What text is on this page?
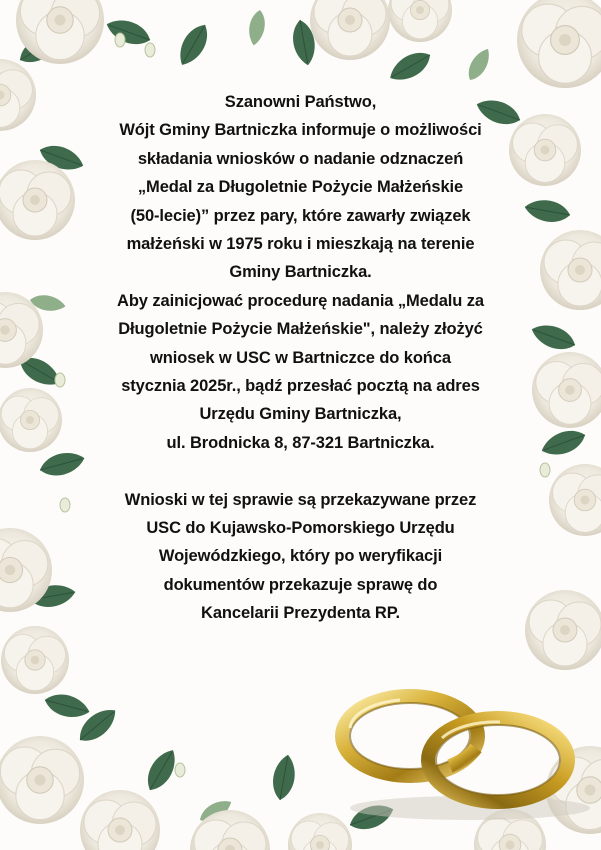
Szanowni Państwo,
Wójt Gminy Bartniczka informuje o możliwości
składania wniosków o nadanie odznaczeń
„Medal za Długoletnie Pożycie Małżeńskie
(50-lecie)” przez pary, które zawarły związek
małżeński w 1975 roku i mieszkają na terenie
Gminy Bartniczka.
Aby zainicjować procedurę nadania „Medalu za
Długoletnie Pożycie Małżeńskie", należy złożyć
wniosek w USC w Bartniczce do końca
stycznia 2025r., bądź przesłać pocztą na adres
Urzędu Gminy Bartniczka,
ul. Brodnicka 8, 87-321 Bartniczka.
Wnioski w tej sprawie są przekazywane przez
USC do Kujawsko-Pomorskiego Urzędu
Wojewódzkiego, który po weryfikacji
dokumentów przekazuje sprawę do
Kancelarii Prezydenta RP.
